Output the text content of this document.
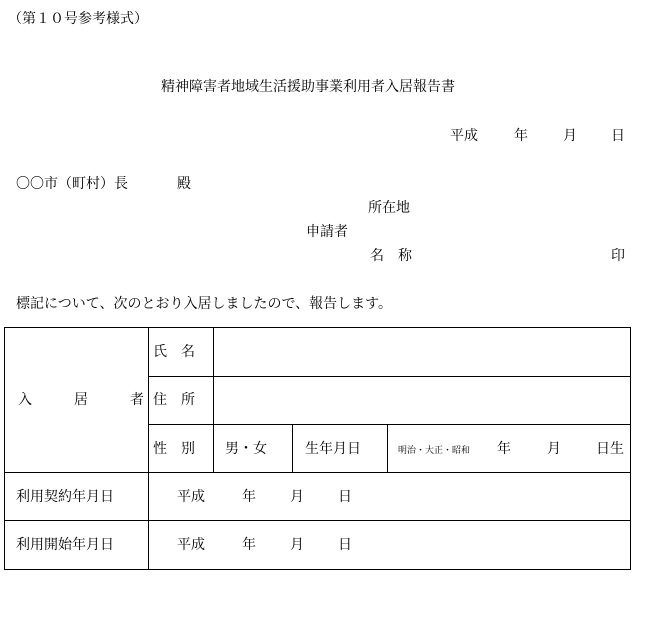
（第１０号参考様式）
精神障害者地域生活援助事業利用者入居報告書
平成	年	月 日
〇〇市（町村）長	殿
所在地
申請者
名　称	印
標記について、次のとおり入居しましたので、報告します。
入	居	者
氏　名
住　所
性　別 男・女	生年月日	明治・大正・昭和 年	月	日生
利用契約年月日	平成	年 月 日
利用開始年月日	平成	年 月 日
